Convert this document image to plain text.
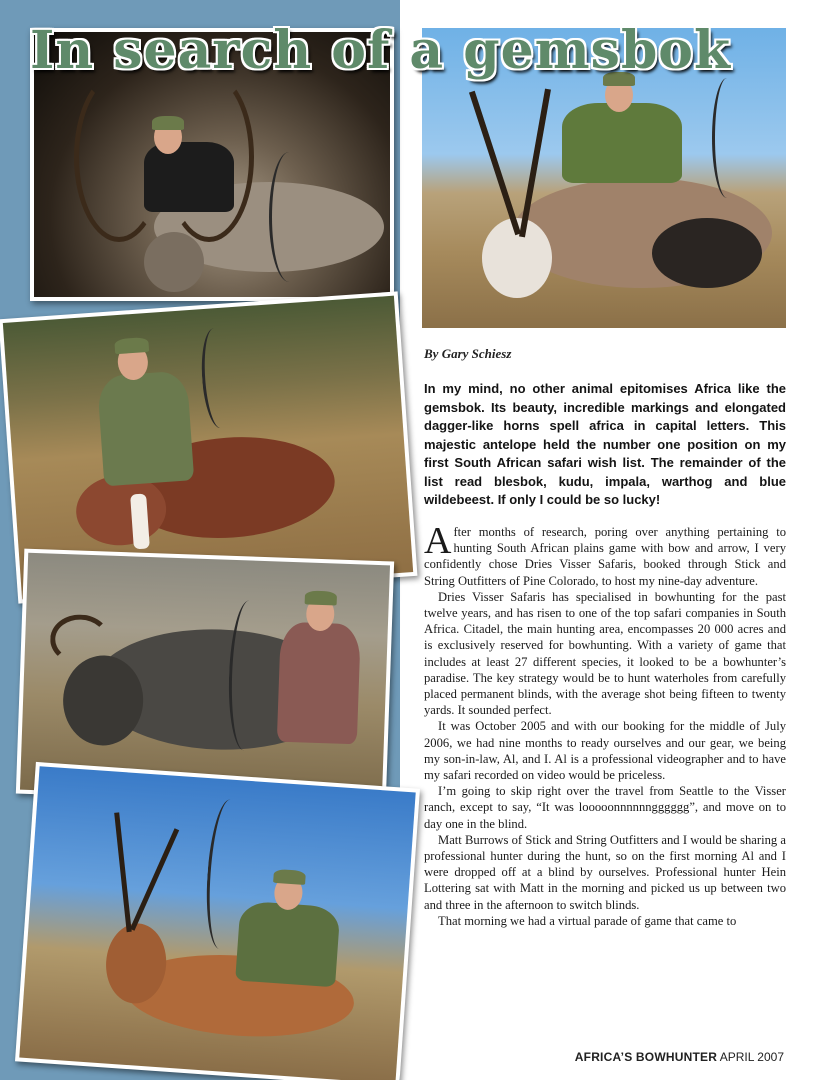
In search of a gemsbok
By Gary Schiesz
In my mind, no other animal epitomises Africa like the gemsbok. Its beauty, incredible markings and elongated dagger-like horns spell africa in capital letters. This majestic antelope held the number one position on my first South African safari wish list. The remainder of the list read blesbok, kudu, impala, warthog and blue wildebeest. If only I could be so lucky!

After months of research, poring over anything pertaining to hunting South African plains game with bow and arrow, I very confidently chose Dries Visser Safaris, booked through Stick and String Outfitters of Pine Colorado, to host my nine-day adventure.

Dries Visser Safaris has specialised in bowhunting for the past twelve years, and has risen to one of the top safari companies in South Africa. Citadel, the main hunting area, encompasses 20 000 acres and is exclusively reserved for bowhunting. With a variety of game that includes at least 27 different species, it looked to be a bowhunter’s paradise. The key strategy would be to hunt waterholes from carefully placed permanent blinds, with the average shot being fifteen to twenty yards. It sounded perfect.

It was October 2005 and with our booking for the middle of July 2006, we had nine months to ready ourselves and our gear, we being my son-in-law, Al, and I. Al is a professional videographer and to have my safari recorded on video would be priceless.

I’m going to skip right over the travel from Seattle to the Visser ranch, except to say, “It was looooonnnnnngggggg”, and move on to day one in the blind.

Matt Burrows of Stick and String Outfitters and I would be sharing a professional hunter during the hunt, so on the first morning Al and I were dropped off at a blind by ourselves. Professional hunter Hein Lottering sat with Matt in the morning and picked us up between two and three in the afternoon to switch blinds.

That morning we had a virtual parade of game that came to

AFRICA’S BOWHUNTER APRIL 2007
